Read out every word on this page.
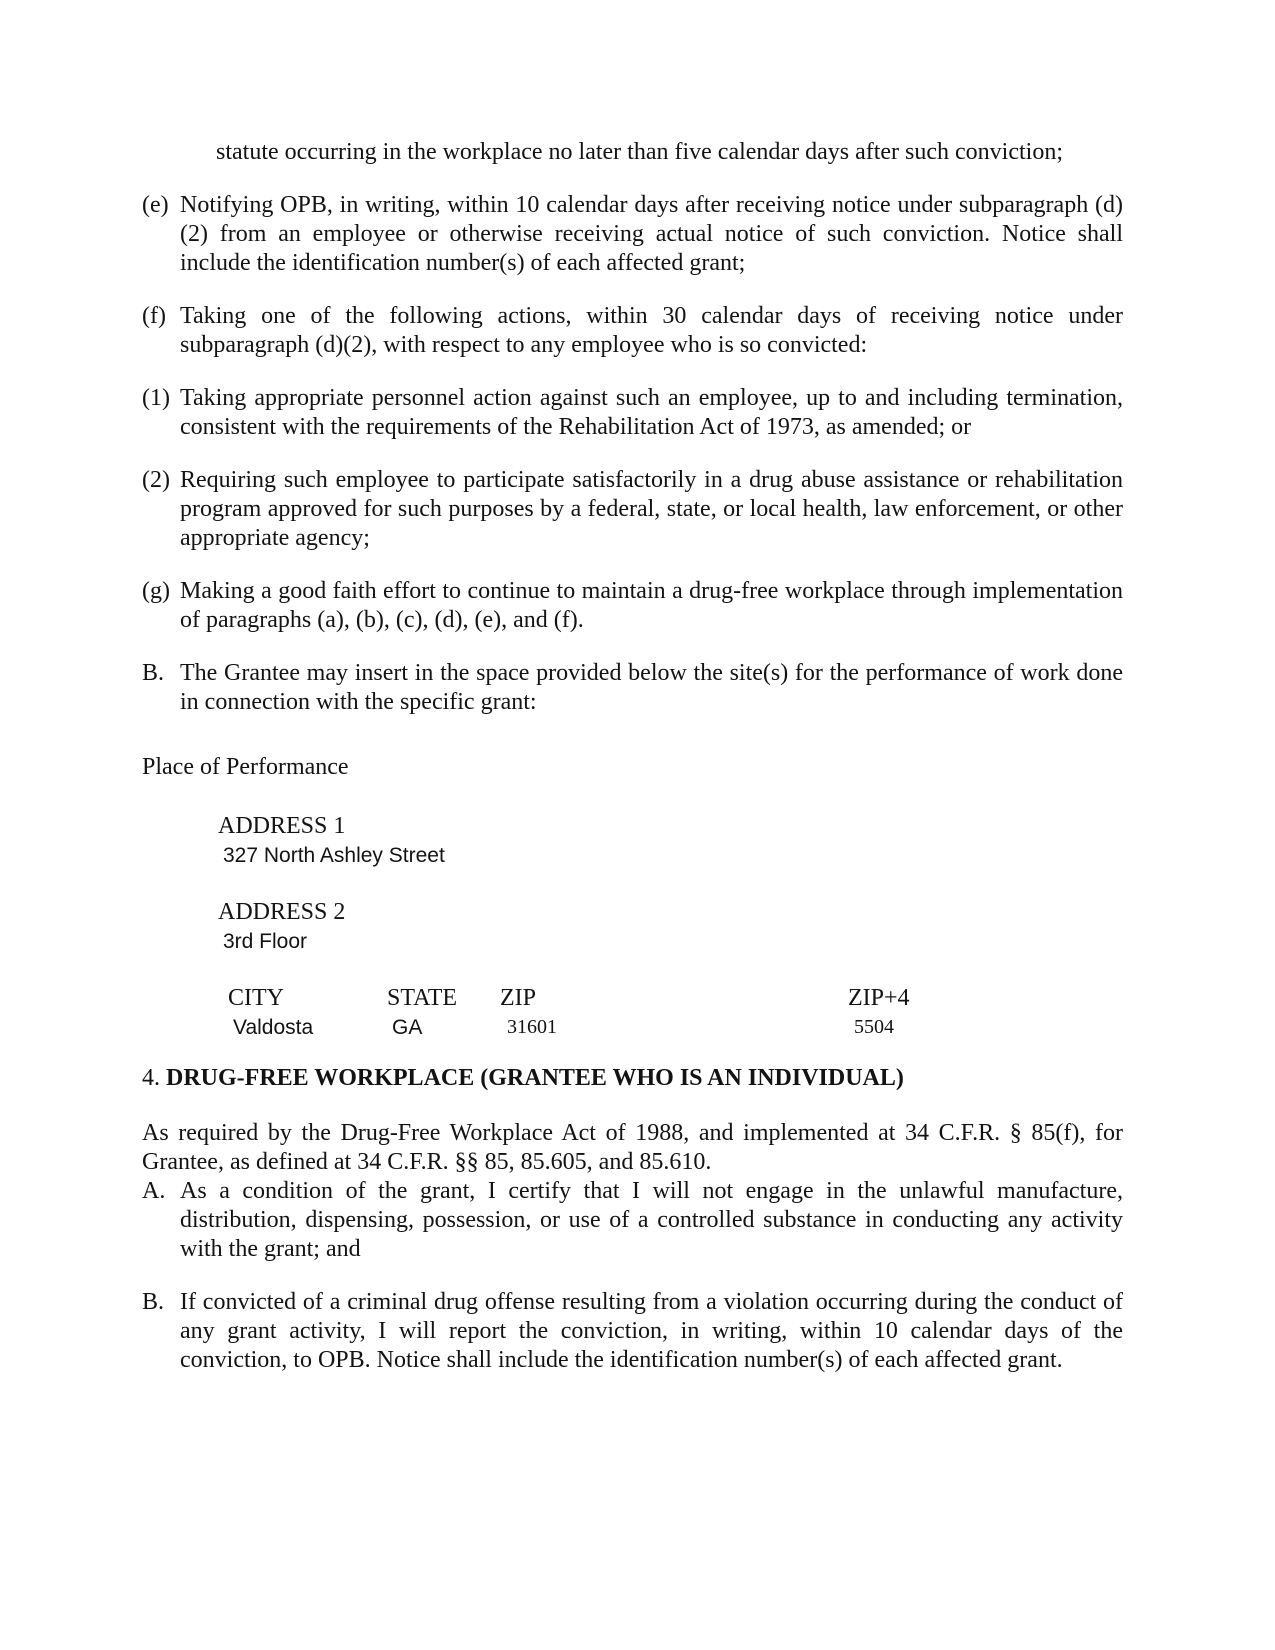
statute occurring in the workplace no later than five calendar days after such conviction;
(e) Notifying OPB, in writing, within 10 calendar days after receiving notice under subparagraph (d)(2) from an employee or otherwise receiving actual notice of such conviction. Notice shall include the identification number(s) of each affected grant;
(f) Taking one of the following actions, within 30 calendar days of receiving notice under subparagraph (d)(2), with respect to any employee who is so convicted:
(1) Taking appropriate personnel action against such an employee, up to and including termination, consistent with the requirements of the Rehabilitation Act of 1973, as amended; or
(2) Requiring such employee to participate satisfactorily in a drug abuse assistance or rehabilitation program approved for such purposes by a federal, state, or local health, law enforcement, or other appropriate agency;
(g) Making a good faith effort to continue to maintain a drug-free workplace through implementation of paragraphs (a), (b), (c), (d), (e), and (f).
B. The Grantee may insert in the space provided below the site(s) for the performance of work done in connection with the specific grant:
Place of Performance
ADDRESS 1
327 North Ashley Street
ADDRESS 2
3rd Floor
CITY	STATE ZIP	ZIP+4
Valdosta	GA	31601	5504
4. DRUG-FREE WORKPLACE (GRANTEE WHO IS AN INDIVIDUAL)
As required by the Drug-Free Workplace Act of 1988, and implemented at 34 C.F.R. § 85(f), for Grantee, as defined at 34 C.F.R. §§ 85, 85.605, and 85.610.
A. As a condition of the grant, I certify that I will not engage in the unlawful manufacture, distribution, dispensing, possession, or use of a controlled substance in conducting any activity with the grant; and
B. If convicted of a criminal drug offense resulting from a violation occurring during the conduct of any grant activity, I will report the conviction, in writing, within 10 calendar days of the conviction, to OPB. Notice shall include the identification number(s) of each affected grant.
